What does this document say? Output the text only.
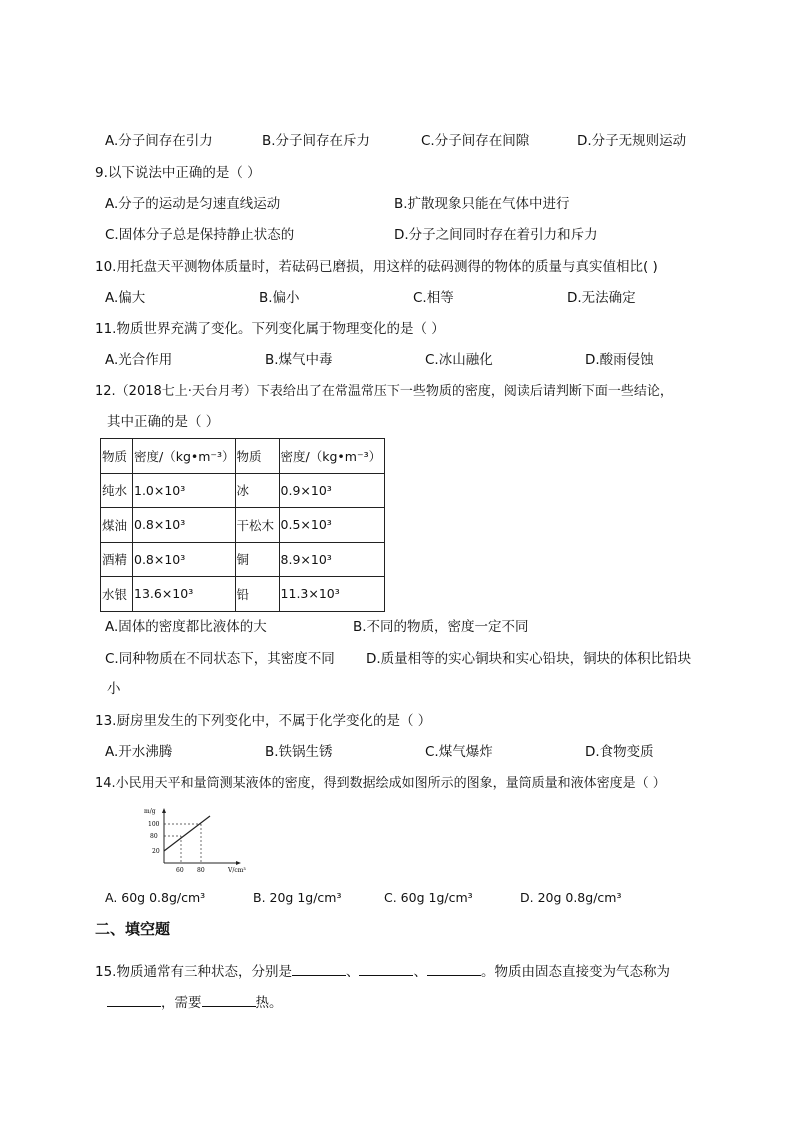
A.分子间存在引力	B.分子间存在斥力	C.分子间存在间隙	D.分子无规则运动
9.以下说法中正确的是（ ）
A.分子的运动是匀速直线运动	B.扩散现象只能在气体中进行
C.固体分子总是保持静止状态的	D.分子之间同时存在着引力和斥力
10.用托盘天平测物体质量时，若砝码已磨损，用这样的砝码测得的物体的质量与真实值相比( )
A.偏大	B.偏小	C.相等	D.无法确定
11.物质世界充满了变化。下列变化属于物理变化的是（ ）
A.光合作用	B.煤气中毒	C.冰山融化	D.酸雨侵蚀
12.（2018七上·天台月考）下表给出了在常温常压下一些物质的密度，阅读后请判断下面一些结论，
其中正确的是（ ）
物质	密度/（kg•m⁻³）	物质	密度/（kg•m⁻³）
纯水	1.0×10³	冰	0.9×10³
煤油	0.8×10³	干松木	0.5×10³
酒精	0.8×10³	铜	8.9×10³
水银	13.6×10³	铅	11.3×10³
A.固体的密度都比液体的大	B.不同的物质，密度一定不同
C.同种物质在不同状态下，其密度不同 D.质量相等的实心铜块和实心铅块，铜块的体积比铅块
小
13.厨房里发生的下列变化中，不属于化学变化的是（ ）
A.开水沸腾	B.铁锅生锈	C.煤气爆炸	D.食物变质
14.小民用天平和量筒测某液体的密度，得到数据绘成如图所示的图象，量筒质量和液体密度是（ ）
m/g
100
80
20
60 80	V/cm³
A. 60g 0.8g/cm³	B. 20g 1g/cm³	C. 60g 1g/cm³	D. 20g 0.8g/cm³
二、填空题
15.物质通常有三种状态，分别是	、	、	。物质由固态直接变为气态称为
，需要	热。
